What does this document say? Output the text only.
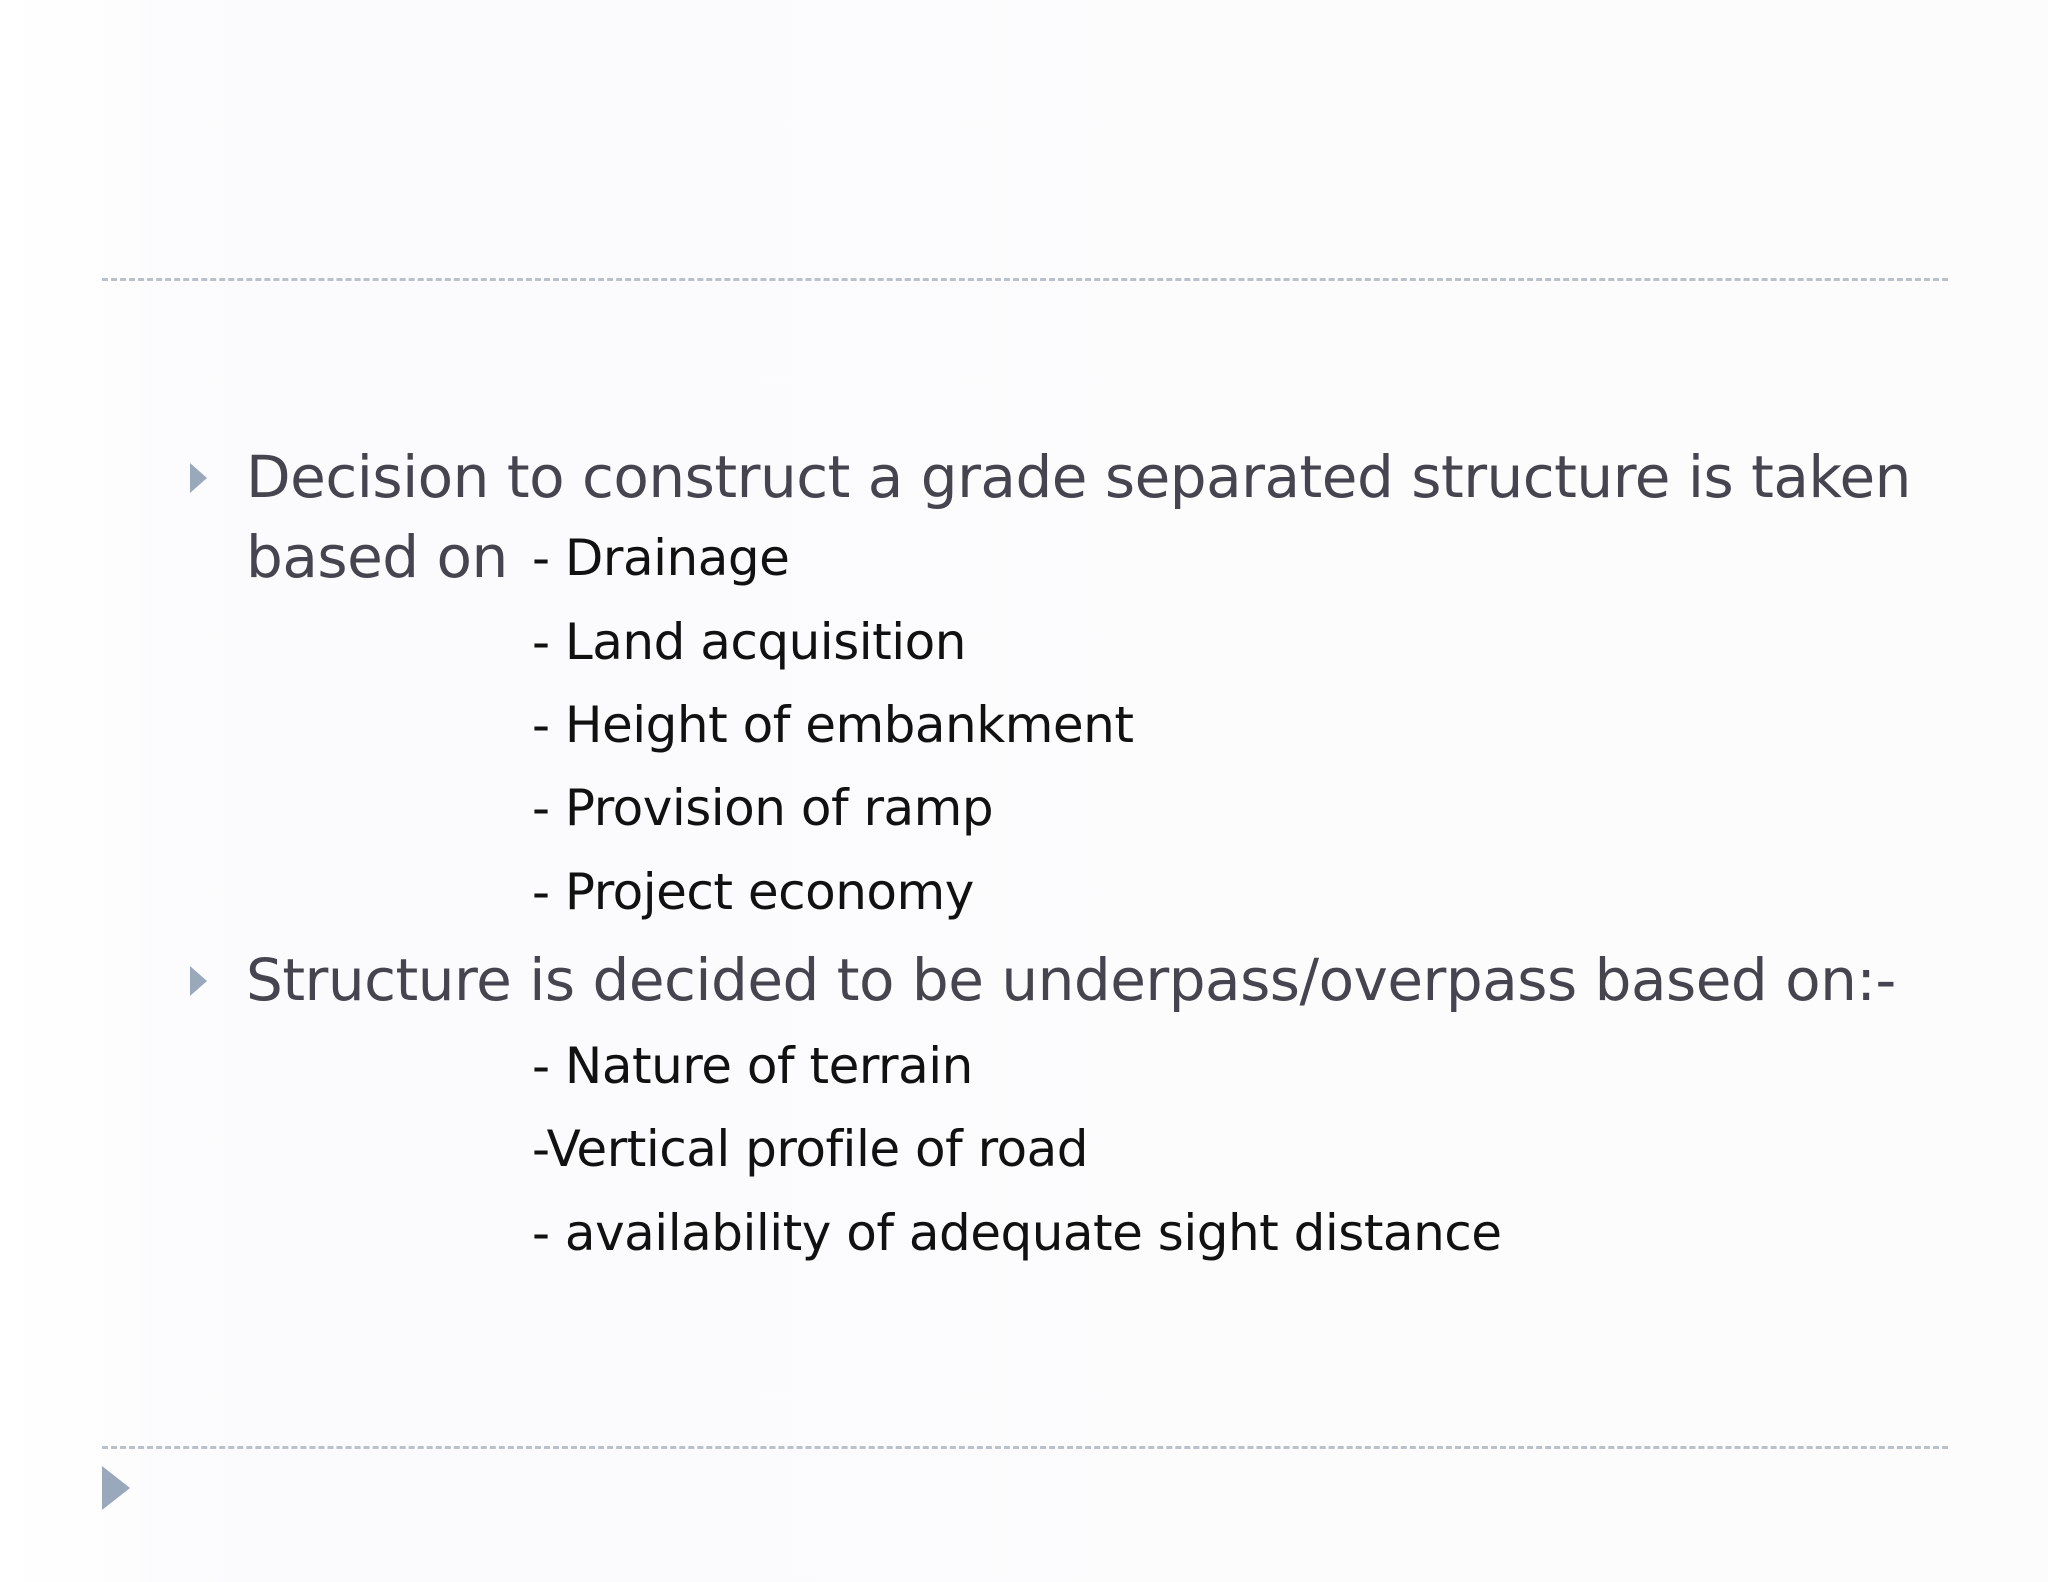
Decision to construct a grade separated structure is taken
based on - Drainage
- Land acquisition
- Height of embankment
- Provision of ramp
- Project economy
Structure is decided to be underpass/overpass based on:-
- Nature of terrain
-Vertical profile of road
- availability of adequate sight distance
